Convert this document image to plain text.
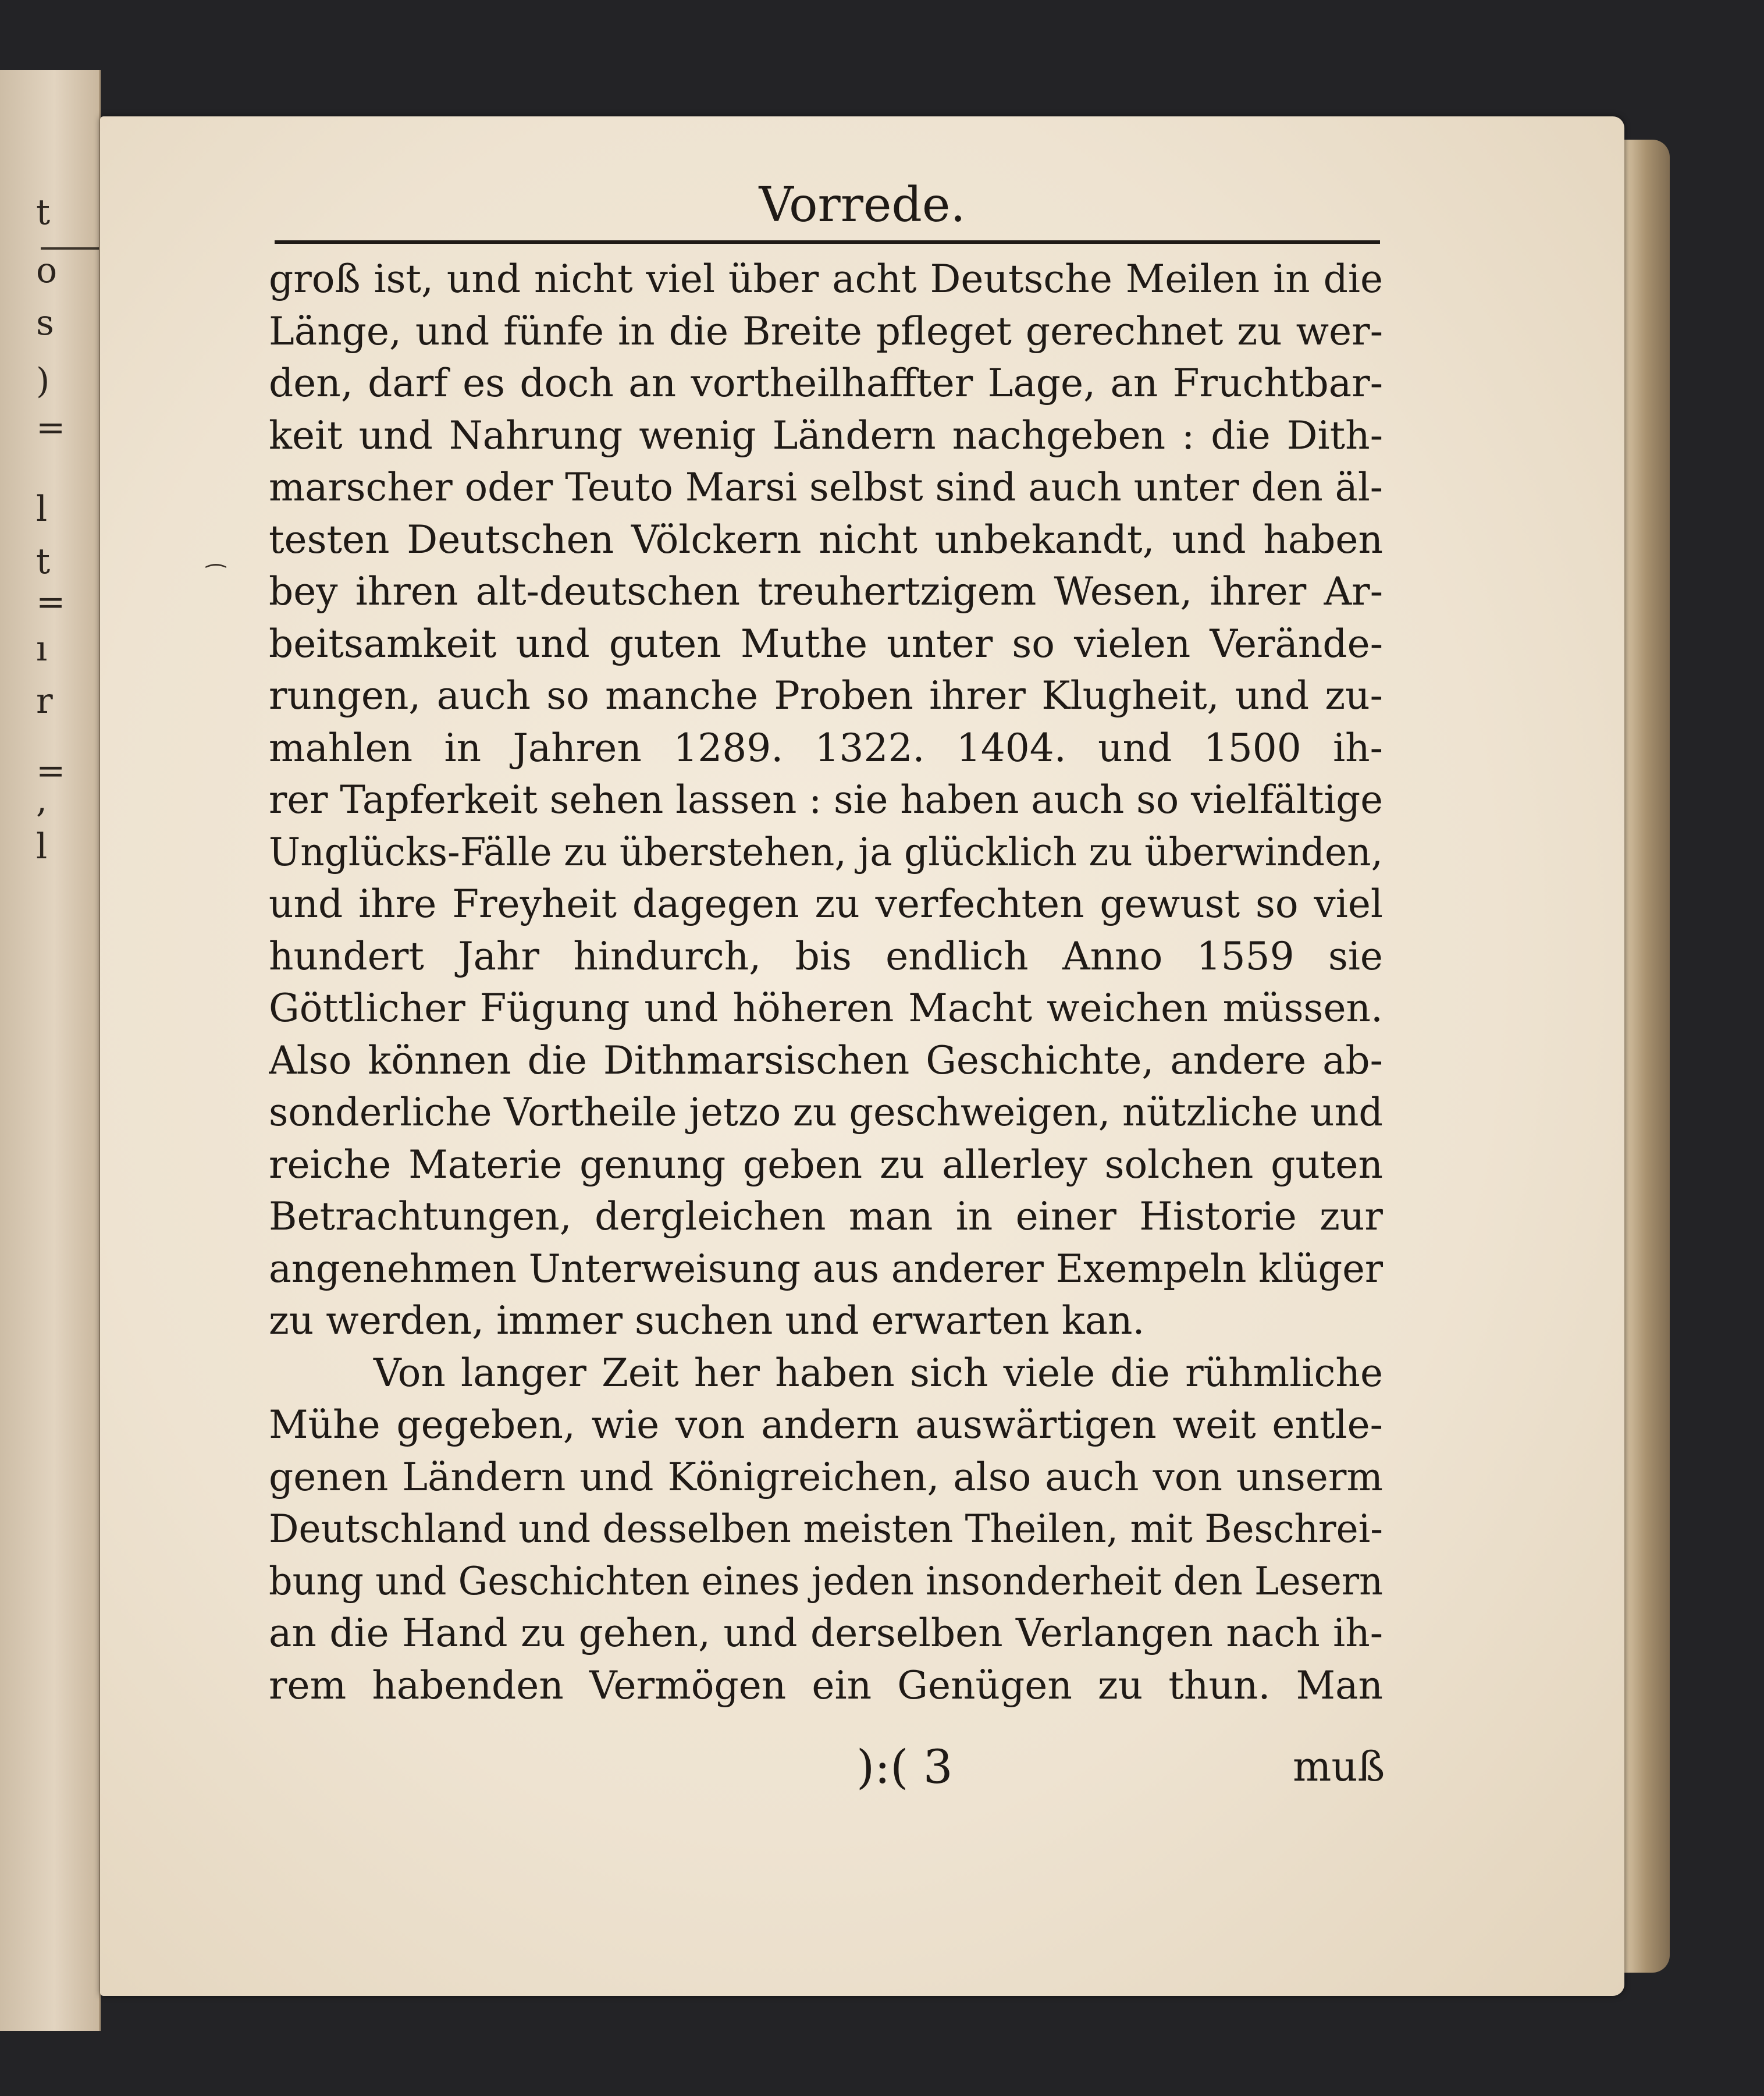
t
o
s
)
=
l
t
=
ı
r
=
,
l
Vorrede.
⁀
groß ist, und nicht viel über acht Deutsche Meilen in die
Länge, und fünfe in die Breite pfleget gerechnet zu wer-
den, darf es doch an vortheilhaffter Lage, an Fruchtbar-
keit und Nahrung wenig Ländern nachgeben : die Dith-
marscher oder Teuto Marsi selbst sind auch unter den äl-
testen Deutschen Völckern nicht unbekandt, und haben
bey ihren alt-deutschen treuhertzigem Wesen, ihrer Ar-
beitsamkeit und guten Muthe unter so vielen Verände-
rungen, auch so manche Proben ihrer Klugheit, und zu-
mahlen in Jahren 1289. 1322. 1404. und 1500 ih-
rer Tapferkeit sehen lassen : sie haben auch so vielfältige
Unglücks-Fälle zu überstehen, ja glücklich zu überwinden,
und ihre Freyheit dagegen zu verfechten gewust so viel
hundert Jahr hindurch, bis endlich Anno 1559 sie
Göttlicher Fügung und höheren Macht weichen müssen.
Also können die Dithmarsischen Geschichte, andere ab-
sonderliche Vortheile jetzo zu geschweigen, nützliche und
reiche Materie genung geben zu allerley solchen guten
Betrachtungen, dergleichen man in einer Historie zur
angenehmen Unterweisung aus anderer Exempeln klüger
zu werden, immer suchen und erwarten kan.
Von langer Zeit her haben sich viele die rühmliche
Mühe gegeben, wie von andern auswärtigen weit entle-
genen Ländern und Königreichen, also auch von unserm
Deutschland und desselben meisten Theilen, mit Beschrei-
bung und Geschichten eines jeden insonderheit den Lesern
an die Hand zu gehen, und derselben Verlangen nach ih-
rem habenden Vermögen ein Genügen zu thun. Man
):( 3	muß
